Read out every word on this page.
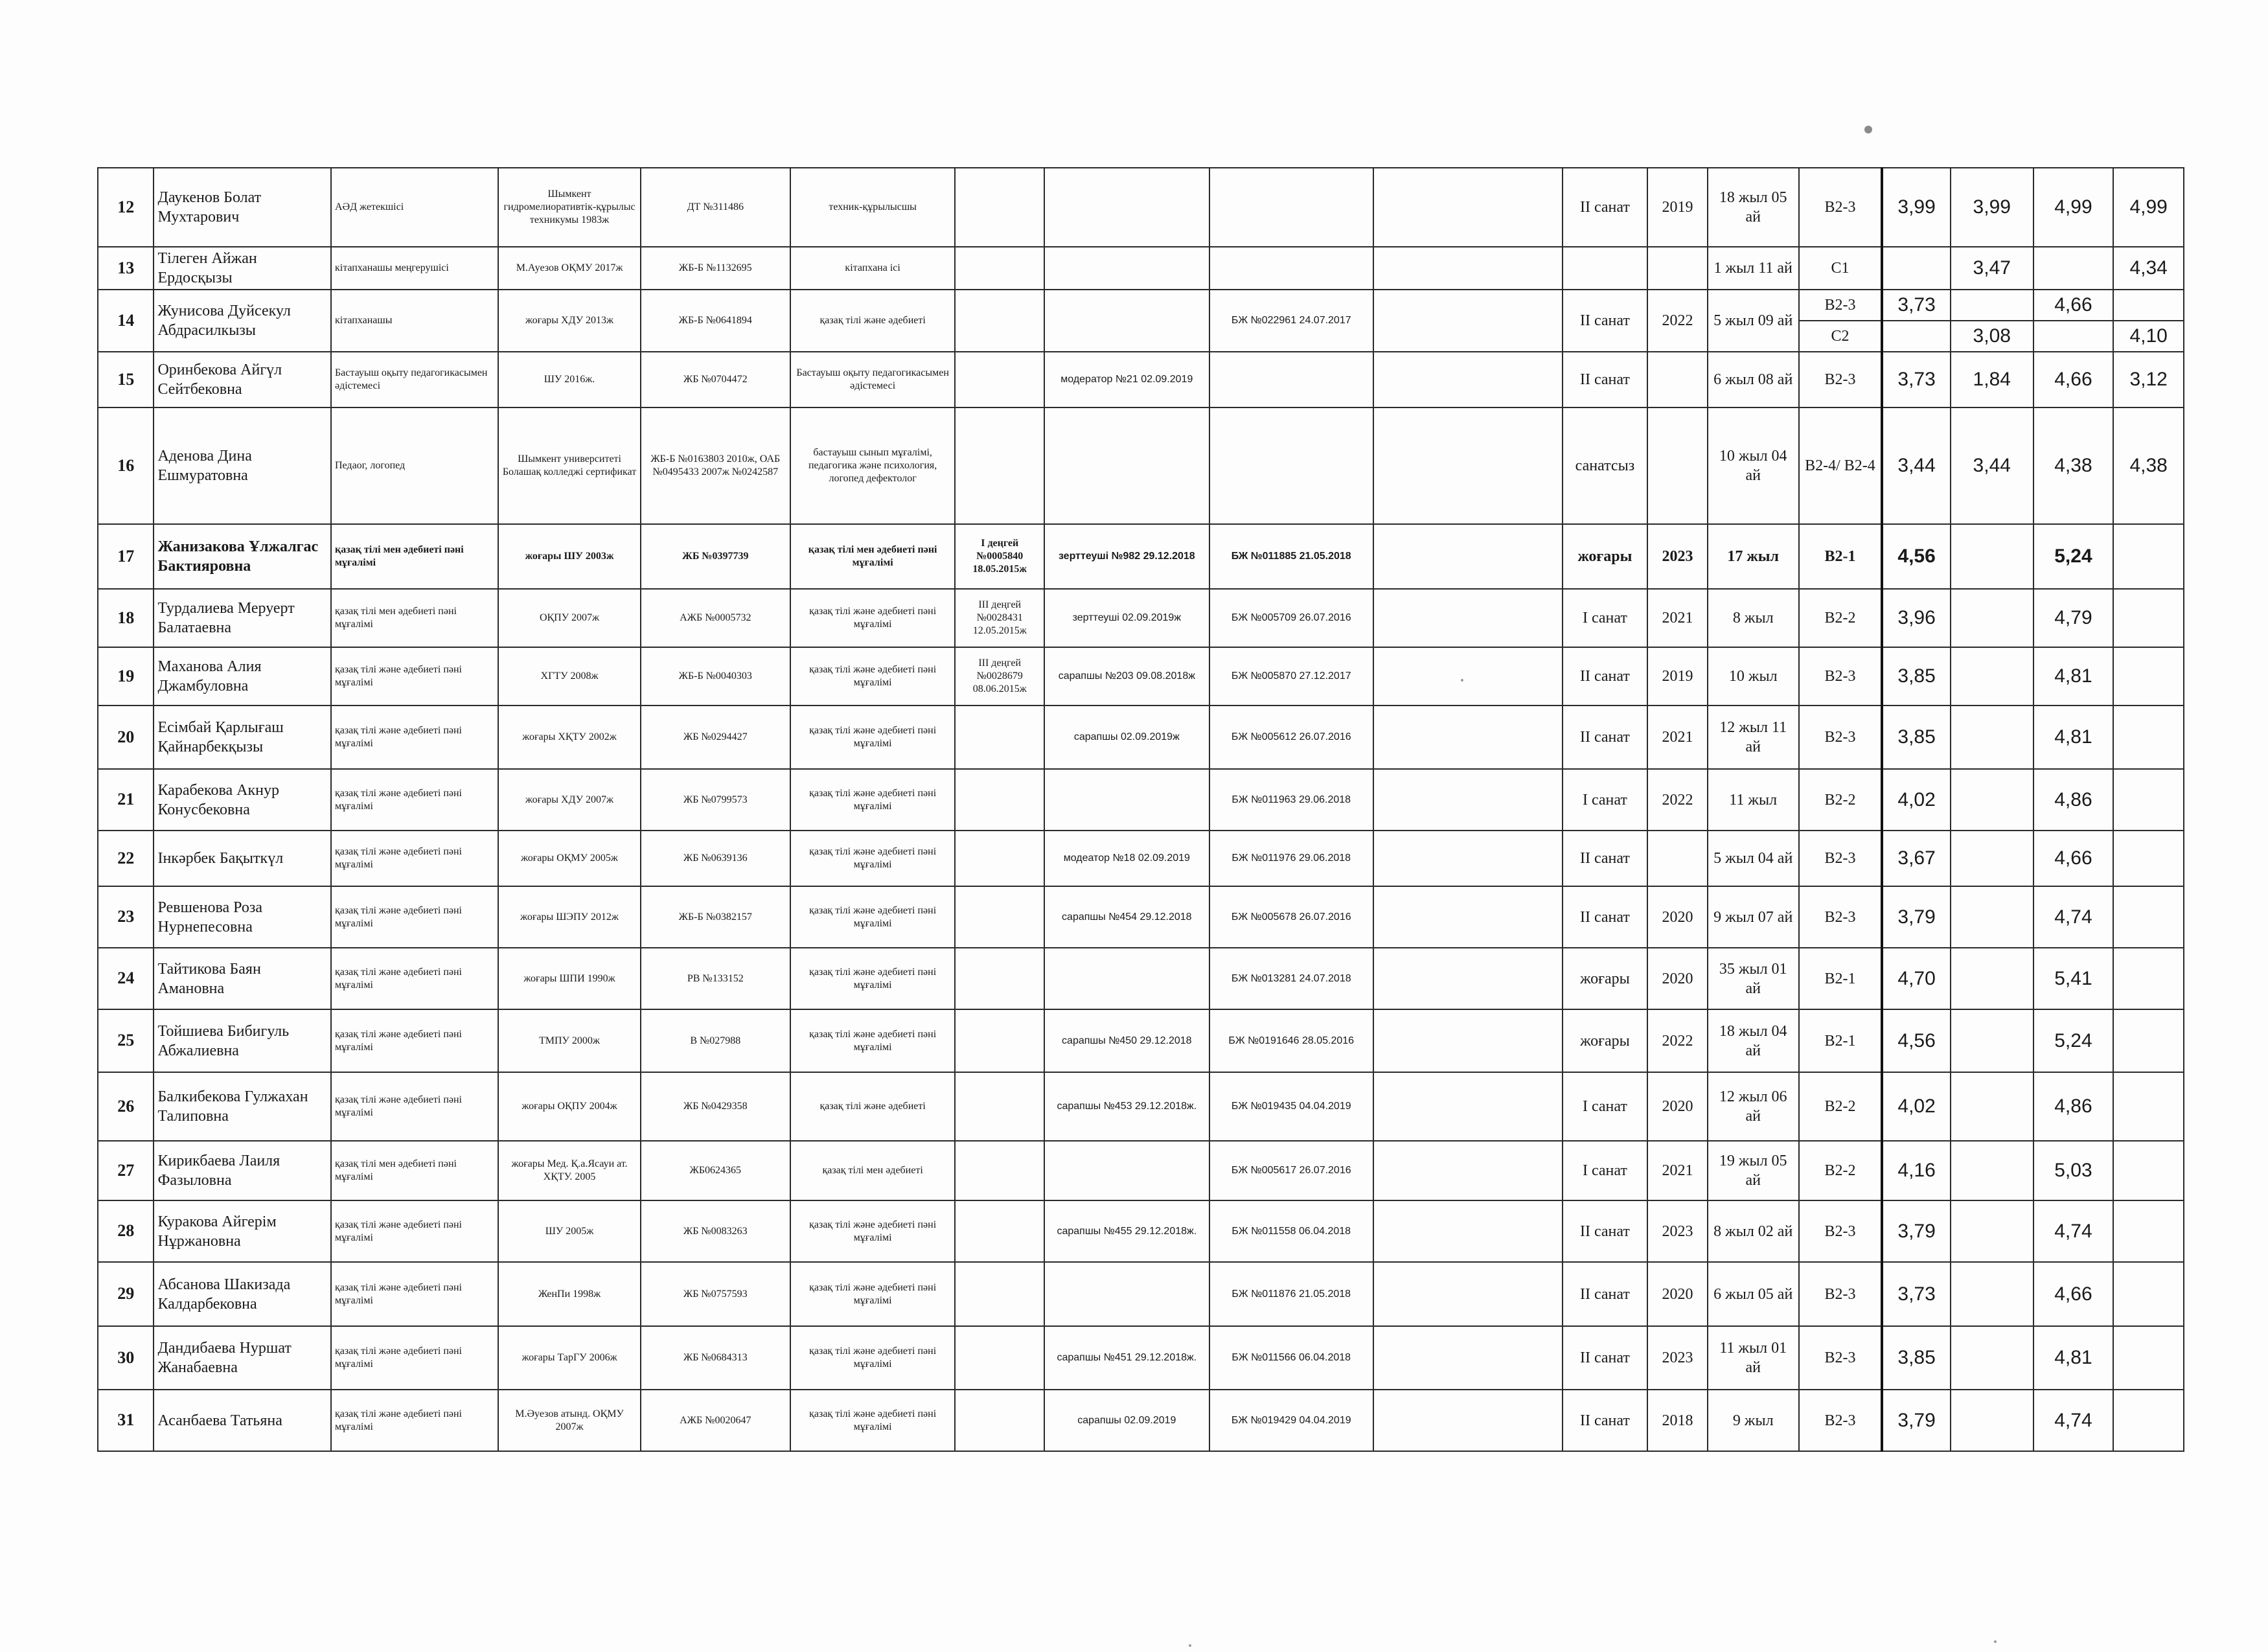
12	Даукенов Болат Мухтарович	АӘД жетекшісі	Шымкент гидромелиоративтік-құрылыс техникумы 1983ж	ДТ №311486	техник-құрылысшы					ІІ санат	2019	18 жыл 05 ай	В2-3	3,99	3,99	4,99	4,99
13	Тілеген Айжан Ердосқызы	кітапханашы меңгерушісі	М.Ауезов ОҚМУ 2017ж	ЖБ-Б №1132695	кітапхана ісі							1 жыл 11 ай	С1		3,47		4,34
14	Жунисова Дуйсекул Абдрасилкызы	кітапханашы	жоғары ХДУ 2013ж	ЖБ-Б №0641894	қазақ тілі және әдебиеті			БЖ №022961 24.07.2017		ІІ санат	2022	5 жыл 09 ай	В2-3	3,73		4,66	
													С2		3,08		4,10
15	Оринбекова Айгүл Сейтбековна	Бастауыш оқыту педагогикасымен әдістемесі	ШУ 2016ж.	ЖБ №0704472	Бастауыш оқыту педагогикасымен әдістемесі		модератор №21 02.09.2019			ІІ санат		6 жыл 08 ай	В2-3	3,73	1,84	4,66	3,12
16	Аденова Дина Ешмуратовна	Педаог, логопед	Шымкент университеті Болашақ колледжі сертификат	ЖБ-Б №0163803 2010ж, ОАБ №0495433 2007ж №0242587	бастауыш сынып мұғалімі, педагогика және психология, логопед дефектолог					санатсыз		10 жыл 04 ай	В2-4/ В2-4	3,44	3,44	4,38	4,38
17	Жанизакова Ұлжалгас Бактияровна	қазақ тілі мен әдебиеті пәні мұғалімі	жоғары ШУ 2003ж	ЖБ №0397739	қазақ тілі мен әдебиеті пәні мұғалімі	І деңгей №0005840 18.05.2015ж	зерттеуші №982 29.12.2018	БЖ №011885 21.05.2018		жоғары	2023	17 жыл	В2-1	4,56		5,24	
18	Турдалиева Меруерт Балатаевна	қазақ тілі мен әдебиеті пәні мұғалімі	ОҚПУ 2007ж	АЖБ №0005732	қазақ тілі және әдебиеті пәні мұғалімі	ІІІ деңгей №0028431 12.05.2015ж	зерттеуші 02.09.2019ж	БЖ №005709 26.07.2016		І санат	2021	8 жыл	В2-2	3,96		4,79	
19	Маханова Алия Джамбуловна	қазақ тілі және әдебиеті пәні мұғалімі	ХГТУ 2008ж	ЖБ-Б №0040303	қазақ тілі және әдебиеті пәні мұғалімі	ІІІ деңгей №0028679 08.06.2015ж	сарапшы №203 09.08.2018ж	БЖ №005870 27.12.2017		ІІ санат	2019	10 жыл	В2-3	3,85		4,81	
20	Есімбай Қарлығаш Қайнарбекқызы	қазақ тілі және әдебиеті пәні мұғалімі	жоғары ХҚТУ 2002ж	ЖБ №0294427	қазақ тілі және әдебиеті пәні мұғалімі		сарапшы 02.09.2019ж	БЖ №005612 26.07.2016		ІІ санат	2021	12 жыл 11 ай	В2-3	3,85		4,81	
21	Карабекова Акнур Конусбековна	қазақ тілі және әдебиеті пәні мұғалімі	жоғары ХДУ 2007ж	ЖБ №0799573	қазақ тілі және әдебиеті пәні мұғалімі			БЖ №011963 29.06.2018		І санат	2022	11 жыл	В2-2	4,02		4,86	
22	Інкәрбек Бақыткүл	қазақ тілі және әдебиеті пәні мұғалімі	жоғары ОҚМУ 2005ж	ЖБ №0639136	қазақ тілі және әдебиеті пәні мұғалімі		модеатор №18 02.09.2019	БЖ №011976 29.06.2018		ІІ санат		5 жыл 04 ай	В2-3	3,67		4,66	
23	Ревшенова Роза Нурнепесовна	қазақ тілі және әдебиеті пәні мұғалімі	жоғары ШЭПУ 2012ж	ЖБ-Б №0382157	қазақ тілі және әдебиеті пәні мұғалімі		сарапшы №454 29.12.2018	БЖ №005678 26.07.2016		ІІ санат	2020	9 жыл 07 ай	В2-3	3,79		4,74	
24	Тайтикова Баян Амановна	қазақ тілі және әдебиеті пәні мұғалімі	жоғары ШПИ 1990ж	РВ №133152	қазақ тілі және әдебиеті пәні мұғалімі			БЖ №013281 24.07.2018		жоғары	2020	35 жыл 01 ай	В2-1	4,70		5,41	
25	Тойшиева Бибигуль Абжалиевна	қазақ тілі және әдебиеті пәні мұғалімі	ТМПУ 2000ж	В №027988	қазақ тілі және әдебиеті пәні мұғалімі		сарапшы №450 29.12.2018	БЖ №0191646 28.05.2016		жоғары	2022	18 жыл 04 ай	В2-1	4,56		5,24	
26	Балкибекова Гулжахан Талиповна	қазақ тілі және әдебиеті пәні мұғалімі	жоғары ОҚПУ 2004ж	ЖБ №0429358	қазақ тілі және әдебиеті		сарапшы №453 29.12.2018ж.	БЖ №019435 04.04.2019		І санат	2020	12 жыл 06 ай	В2-2	4,02		4,86	
27	Кирикбаева Лаиля Фазыловна	қазақ тілі мен әдебиеті пәні мұғалімі	жоғары Мед. Қ.а.Ясауи ат. ХҚТУ. 2005	ЖБ0624365	қазақ тілі мен әдебиеті			БЖ №005617 26.07.2016		І санат	2021	19 жыл 05 ай	В2-2	4,16		5,03	
28	Куракова Айгерім Нұржановна	қазақ тілі және әдебиеті пәні мұғалімі	ШУ 2005ж	ЖБ №0083263	қазақ тілі және әдебиеті пәні мұғалімі		сарапшы №455 29.12.2018ж.	БЖ №011558 06.04.2018		ІІ санат	2023	8 жыл 02 ай	В2-3	3,79		4,74	
29	Абсанова Шакизада Калдарбековна	қазақ тілі және әдебиеті пәні мұғалімі	ЖенПи 1998ж	ЖБ №0757593	қазақ тілі және әдебиеті пәні мұғалімі			БЖ №011876 21.05.2018		ІІ санат	2020	6 жыл 05 ай	В2-3	3,73		4,66	
30	Дандибаева Нуршат Жанабаевна	қазақ тілі және әдебиеті пәні мұғалімі	жоғары ТарГУ 2006ж	ЖБ №0684313	қазақ тілі және әдебиеті пәні мұғалімі		сарапшы №451 29.12.2018ж.	БЖ №011566 06.04.2018		ІІ санат	2023	11 жыл 01 ай	В2-3	3,85		4,81	
31	Асанбаева Татьяна	қазақ тілі және әдебиеті пәні мұғалімі	М.Әуезов атынд. ОҚМУ 2007ж	АЖБ №0020647	қазақ тілі және әдебиеті пәні мұғалімі		сарапшы 02.09.2019	БЖ №019429 04.04.2019		ІІ санат	2018	9 жыл	В2-3	3,79		4,74	
